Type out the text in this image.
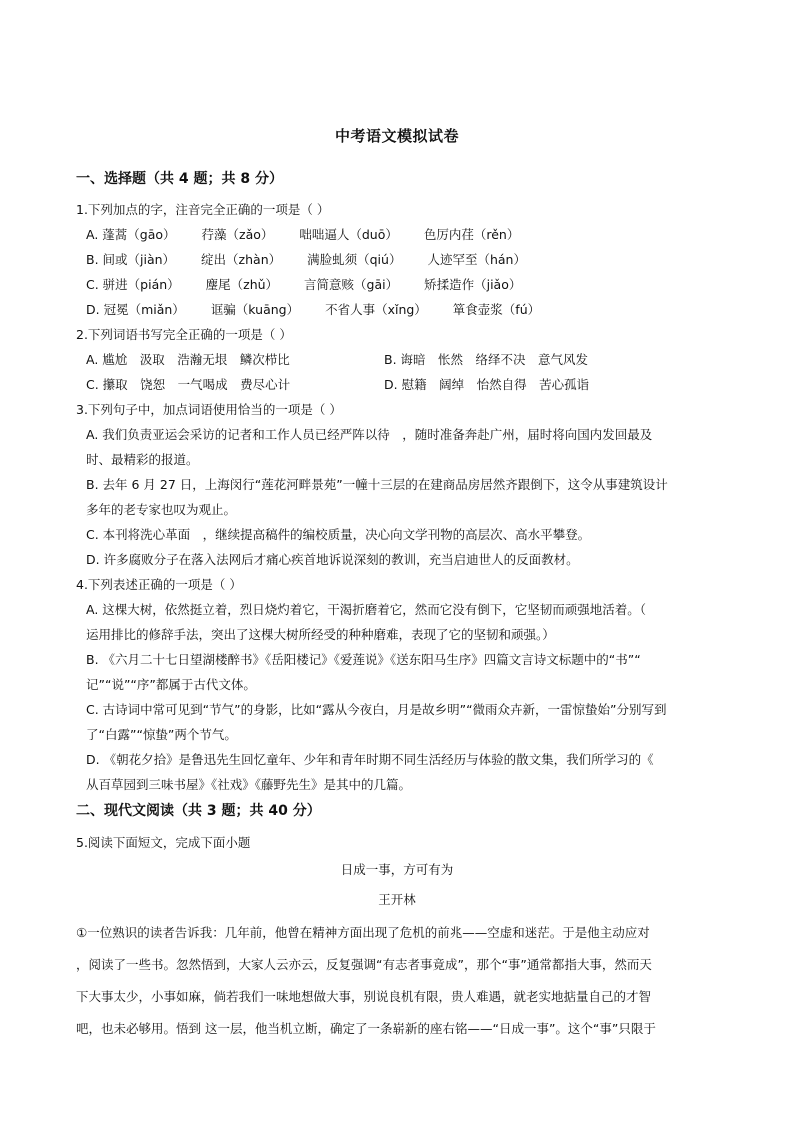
中考语文模拟试卷
一、选择题（共 4 题；共 8 分）
1.下列加点的字，注音完全正确的一项是（ ）
A. 蓬蒿（gāo） 荇藻（zǎo） 咄咄逼人（duō） 色厉内荏（rěn）
B. 间或（jiàn） 绽出（zhàn） 满脸虬须（qiú） 人迹罕至（hán）
C. 骈进（pián） 麈尾（zhǔ） 言简意赅（gāi） 矫揉造作（jiǎo）
D. 冠冕（miǎn） 诓骗（kuāng） 不省人事（xǐng） 箪食壶浆（fú）
2.下列词语书写完全正确的一项是（ ）
A. 尴尬　汲取　浩瀚无垠　鳞次栉比	B. 诲暗　怅然　络绎不决　意气风发
C. 攥取　饶恕　一气喝成　费尽心计	D. 慰籍　阔绰　怡然自得　苦心孤诣
3.下列句子中，加点词语使用恰当的一项是（ ）
A. 我们负责亚运会采访的记者和工作人员已经严阵以待　，随时准备奔赴广州，届时将向国内发回最及
时、最精彩的报道。
B. 去年 6 月 27 日，上海闵行“莲花河畔景苑”一幢十三层的在建商品房居然齐跟倒下，这令从事建筑设计
多年的老专家也叹为观止。
C. 本刊将洗心革面　，继续提高稿件的编校质量，决心向文学刊物的高层次、高水平攀登。
D. 许多腐败分子在落入法网后才痛心疾首地诉说深刻的教训，充当启迪世人的反面教材。
4.下列表述正确的一项是（ ）
A. 这棵大树，依然挺立着，烈日烧灼着它，干渴折磨着它，然而它没有倒下，它坚韧而顽强地活着。（
运用排比的修辞手法，突出了这棵大树所经受的种种磨难，表现了它的坚韧和顽强。）
B. 《六月二十七日望湖楼醉书》《岳阳楼记》《爱莲说》《送东阳马生序》四篇文言诗文标题中的“书”“
记”“说”“序”都属于古代文体。
C. 古诗词中常可见到“节气”的身影，比如“露从今夜白，月是故乡明”“微雨众卉新，一雷惊蛰始”分别写到
了“白露”“惊蛰”两个节气。
D. 《朝花夕拾》是鲁迅先生回忆童年、少年和青年时期不同生活经历与体验的散文集，我们所学习的《
从百草园到三味书屋》《社戏》《藤野先生》是其中的几篇。
二、现代文阅读（共 3 题；共 40 分）
5.阅读下面短文，完成下面小题
日成一事，方可有为
王开林
①一位熟识的读者告诉我：几年前，他曾在精神方面出现了危机的前兆——空虚和迷茫。于是他主动应对
，阅读了一些书。忽然悟到，大家人云亦云，反复强调“有志者事竟成”，那个“事”通常都指大事，然而天
下大事太少，小事如麻，倘若我们一味地想做大事，别说良机有限，贵人难遇，就老实地掂量自己的才智
吧，也未必够用。悟到 这一层，他当机立断，确定了一条崭新的座右铭——“日成一事”。这个“事”只限于
